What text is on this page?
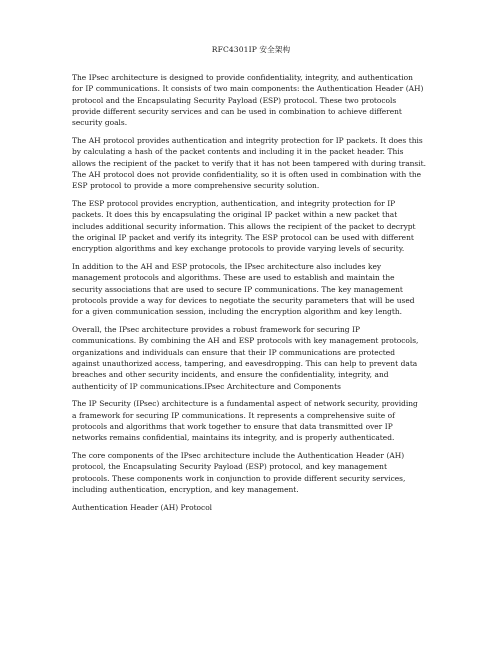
RFC4301IP 安全架构
The IPsec architecture is designed to provide confidentiality, integrity, and authentication
for IP communications. It consists of two main components: the Authentication Header (AH)
protocol and the Encapsulating Security Payload (ESP) protocol. These two protocols
provide different security services and can be used in combination to achieve different
security goals.
The AH protocol provides authentication and integrity protection for IP packets. It does this
by calculating a hash of the packet contents and including it in the packet header. This
allows the recipient of the packet to verify that it has not been tampered with during transit.
The AH protocol does not provide confidentiality, so it is often used in combination with the
ESP protocol to provide a more comprehensive security solution.
The ESP protocol provides encryption, authentication, and integrity protection for IP
packets. It does this by encapsulating the original IP packet within a new packet that
includes additional security information. This allows the recipient of the packet to decrypt
the original IP packet and verify its integrity. The ESP protocol can be used with different
encryption algorithms and key exchange protocols to provide varying levels of security.
In addition to the AH and ESP protocols, the IPsec architecture also includes key
management protocols and algorithms. These are used to establish and maintain the
security associations that are used to secure IP communications. The key management
protocols provide a way for devices to negotiate the security parameters that will be used
for a given communication session, including the encryption algorithm and key length.
Overall, the IPsec architecture provides a robust framework for securing IP
communications. By combining the AH and ESP protocols with key management protocols,
organizations and individuals can ensure that their IP communications are protected
against unauthorized access, tampering, and eavesdropping. This can help to prevent data
breaches and other security incidents, and ensure the confidentiality, integrity, and
authenticity of IP communications.IPsec Architecture and Components
The IP Security (IPsec) architecture is a fundamental aspect of network security, providing
a framework for securing IP communications. It represents a comprehensive suite of
protocols and algorithms that work together to ensure that data transmitted over IP
networks remains confidential, maintains its integrity, and is properly authenticated.
The core components of the IPsec architecture include the Authentication Header (AH)
protocol, the Encapsulating Security Payload (ESP) protocol, and key management
protocols. These components work in conjunction to provide different security services,
including authentication, encryption, and key management.
Authentication Header (AH) Protocol
